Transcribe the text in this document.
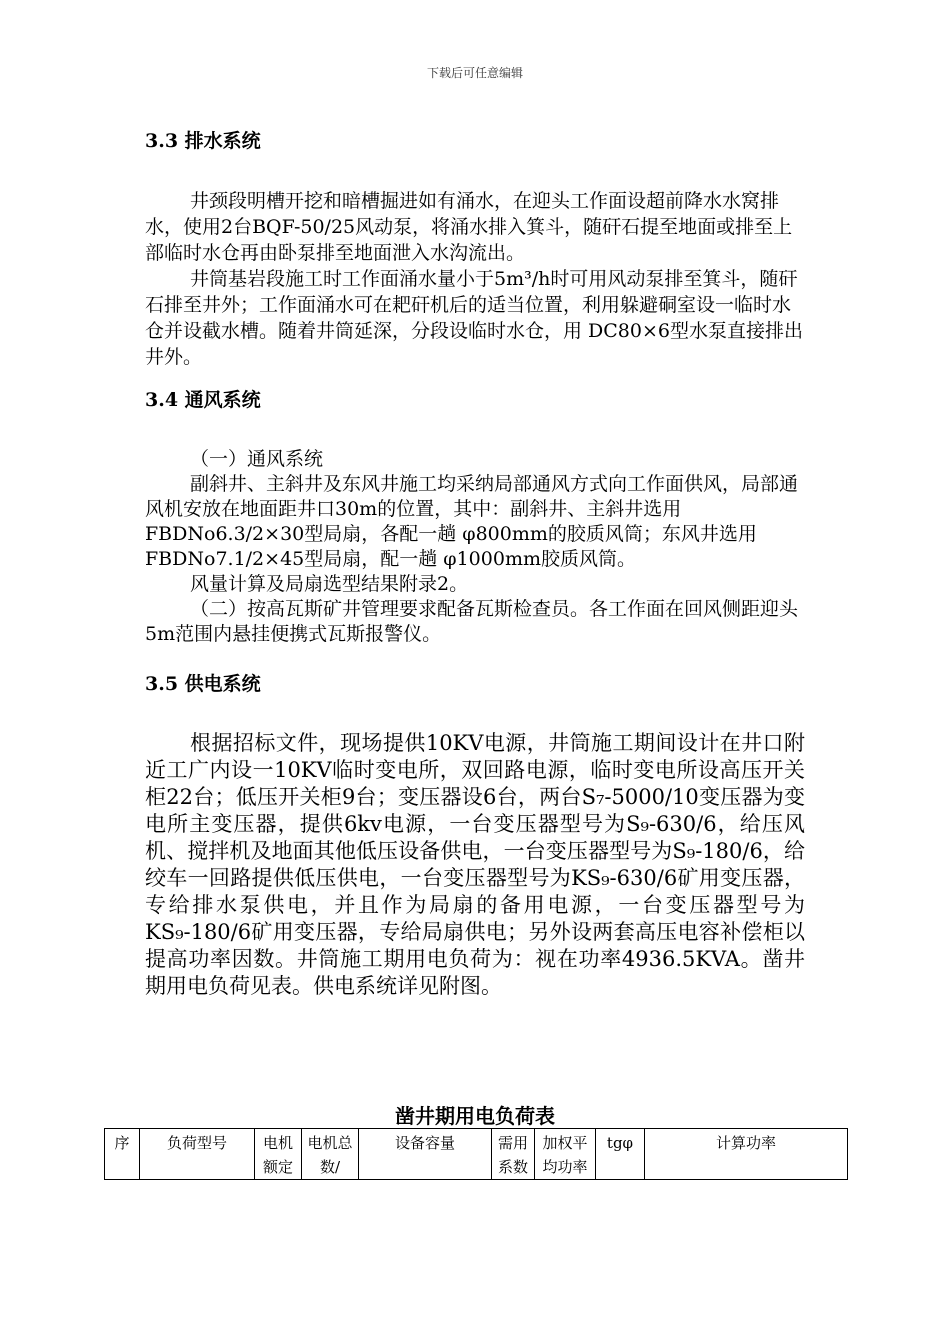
下载后可任意编辑
3.3 排水系统

井颈段明槽开挖和暗槽掘进如有涌水，在迎头工作面设超前降水水窝排水，使用2台BQF-50/25风动泵，将涌水排入箕斗，随矸石提至地面或排至上部临时水仓再由卧泵排至地面泄入水沟流出。

井筒基岩段施工时工作面涌水量小于5m³/h时可用风动泵排至箕斗，随矸石排至井外；工作面涌水可在耙矸机后的适当位置，利用躲避硐室设一临时水仓并设截水槽。随着井筒延深，分段设临时水仓，用 DC80×6型水泵直接排出井外。

3.4 通风系统

（一）通风系统

副斜井、主斜井及东风井施工均采纳局部通风方式向工作面供风，局部通风机安放在地面距井口30m的位置，其中：副斜井、主斜井选用FBDNo6.3/2×30型局扇，各配一趟 φ800mm的胶质风筒；东风井选用FBDNo7.1/2×45型局扇，配一趟 φ1000mm胶质风筒。

风量计算及局扇选型结果附录2。

（二）按高瓦斯矿井管理要求配备瓦斯检查员。各工作面在回风侧距迎头5m范围内悬挂便携式瓦斯报警仪。

3.5 供电系统

根据招标文件，现场提供10KV电源，井筒施工期间设计在井口附近工广内设一10KV临时变电所，双回路电源，临时变电所设高压开关柜22台；低压开关柜9台；变压器设6台，两台S₇-5000/10变压器为变电所主变压器，提供6kv电源，一台变压器型号为S₉-630/6，给压风机、搅拌机及地面其他低压设备供电，一台变压器型号为S₉-180/6，给绞车一回路提供低压供电，一台变压器型号为KS₉-630/6矿用变压器，专给排水泵供电，并且作为局扇的备用电源，一台变压器型号为KS₉-180/6矿用变压器，专给局扇供电；另外设两套高压电容补偿柜以提高功率因数。井筒施工期用电负荷为：视在功率4936.5KVA。凿井期用电负荷见表。供电系统详见附图。

凿井期用电负荷表
序	负荷型号	电机额定	电机总数/	设备容量	需用系数	加权平均功率	tgφ	计算功率
